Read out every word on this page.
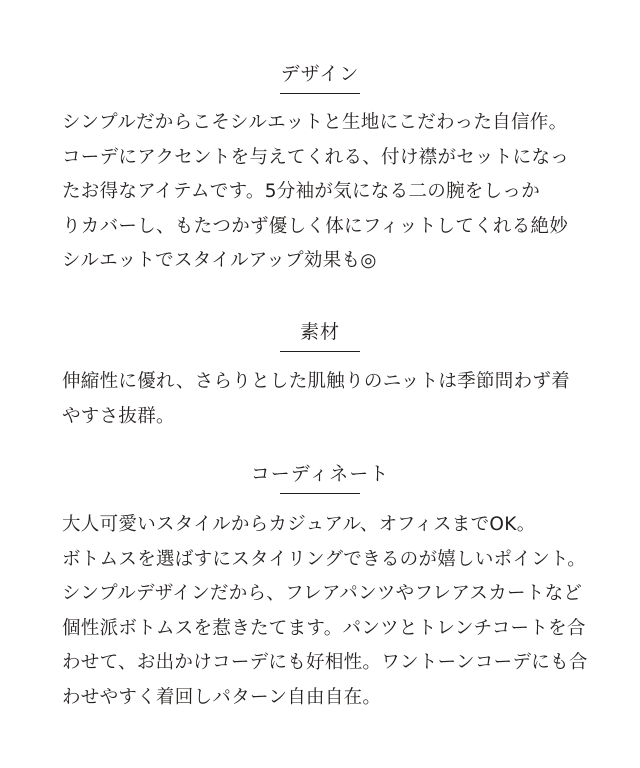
デザイン
シンプルだからこそシルエットと生地にこだわった自信作。
コーデにアクセントを与えてくれる、付け襟がセットになっ
たお得なアイテムです。5分袖が気になる二の腕をしっか
りカバーし、もたつかず優しく体にフィットしてくれる絶妙
シルエットでスタイルアップ効果も◎
素材
伸縮性に優れ、さらりとした肌触りのニットは季節問わず着
やすさ抜群。
コーディネート
大人可愛いスタイルからカジュアル、オフィスまでOK。
ボトムスを選ばすにスタイリングできるのが嬉しいポイント。
シンプルデザインだから、フレアパンツやフレアスカートなど
個性派ボトムスを惹きたてます。パンツとトレンチコートを合
わせて、お出かけコーデにも好相性。ワントーンコーデにも合
わせやすく着回しパターン自由自在。
